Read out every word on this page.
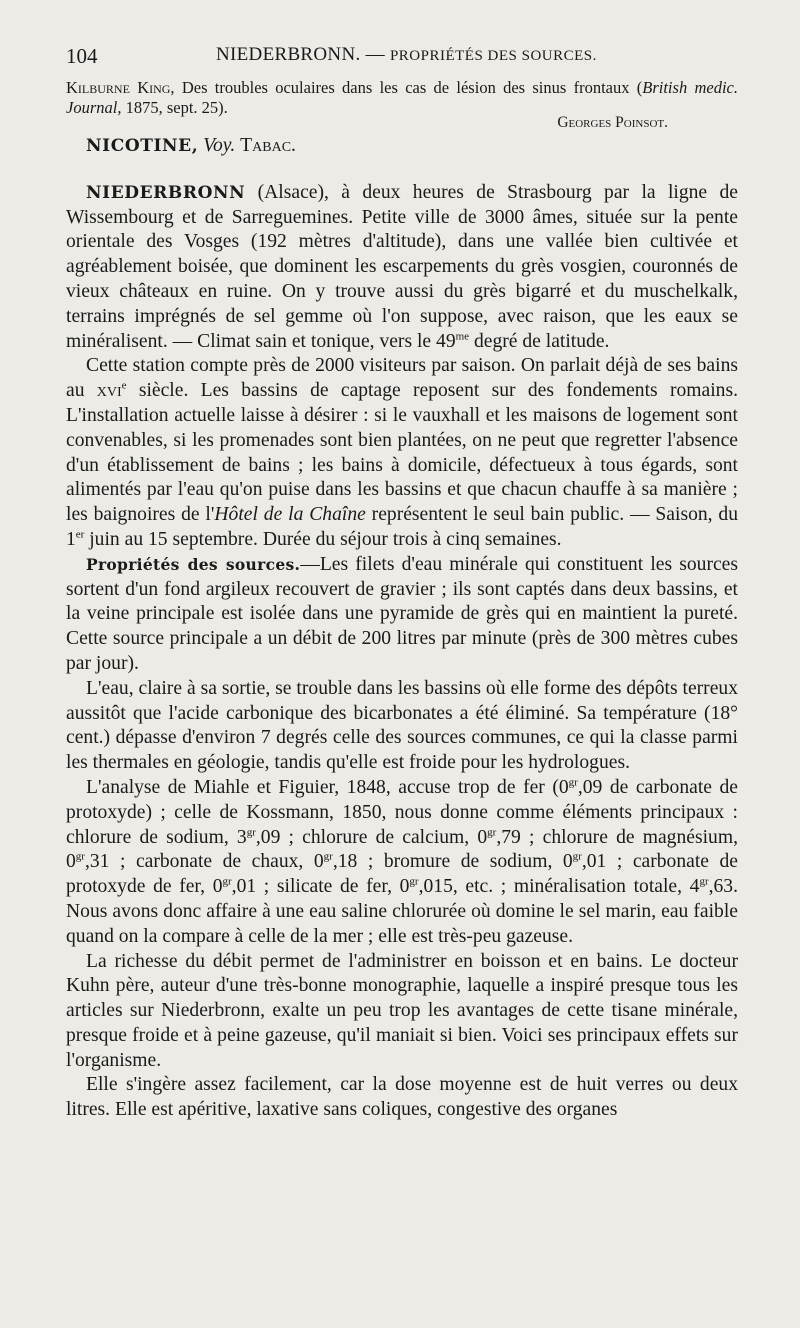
104	NIEDERBRONN. — PROPRIÉTÉS DES SOURCES.
Kilburne King, Des troubles oculaires dans les cas de lésion des sinus frontaux (British medic. Journal, 1875, sept. 25).
Georges Poinsot.

NICOTINE, Voy. Tabac.

NIEDERBRONN (Alsace), à deux heures de Strasbourg par la ligne de Wissembourg et de Sarreguemines. Petite ville de 3000 âmes, située sur la pente orientale des Vosges (192 mètres d'altitude), dans une vallée bien cultivée et agréablement boisée, que dominent les escarpements du grès vosgien, couronnés de vieux châteaux en ruine. On y trouve aussi du grès bigarré et du muschelkalk, terrains imprégnés de sel gemme où l'on suppose, avec raison, que les eaux se minéralisent. — Climat sain et tonique, vers le $49^{me}$ degré de latitude.

Cette station compte près de 2000 visiteurs par saison. On parlait déjà de ses bains au xvi$^e$ siècle. Les bassins de captage reposent sur des fondements romains. L'installation actuelle laisse à désirer : si le vauxhall et les maisons de logement sont convenables, si les promenades sont bien plantées, on ne peut que regretter l'absence d'un établissement de bains ; les bains à domicile, défectueux à tous égards, sont alimentés par l'eau qu'on puise dans les bassins et que chacun chauffe à sa manière ; les baignoires de l'Hôtel de la Chaîne représentent le seul bain public. — Saison, du 1er juin au 15 septembre. Durée du séjour trois à cinq semaines.

Propriétés des sources.—Les filets d'eau minérale qui constituent les sources sortent d'un fond argileux recouvert de gravier ; ils sont captés dans deux bassins, et la veine principale est isolée dans une pyramide de grès qui en maintient la pureté. Cette source principale a un débit de 200 litres par minute (près de 300 mètres cubes par jour).

L'eau, claire à sa sortie, se trouble dans les bassins où elle forme des dépôts terreux aussitôt que l'acide carbonique des bicarbonates a été éliminé. Sa température (18° cent.) dépasse d'environ 7 degrés celle des sources communes, ce qui la classe parmi les thermales en géologie, tandis qu'elle est froide pour les hydrologues.

L'analyse de Miahle et Figuier, 1848, accuse trop de fer ($0^{gr},09$ de carbonate de protoxyde) ; celle de Kossmann, 1850, nous donne comme éléments principaux : chlorure de sodium, $3^{gr},09$ ; chlorure de calcium, $0^{gr},79$ ; chlorure de magnésium, $0^{gr},31$ ; carbonate de chaux, $0^{gr},18$ ; bromure de sodium, $0^{gr},01$ ; carbonate de protoxyde de fer, $0^{gr},01$ ; silicate de fer, $0^{gr},015$, etc. ; minéralisation totale, $4^{gr},63$. Nous avons donc affaire à une eau saline chlorurée où domine le sel marin, eau faible quand on la compare à celle de la mer ; elle est très-peu gazeuse.

La richesse du débit permet de l'administrer en boisson et en bains. Le docteur Kuhn père, auteur d'une très-bonne monographie, laquelle a inspiré presque tous les articles sur Niederbronn, exalte un peu trop les avantages de cette tisane minérale, presque froide et à peine gazeuse, qu'il maniait si bien. Voici ses principaux effets sur l'organisme.

Elle s'ingère assez facilement, car la dose moyenne est de huit verres ou deux litres. Elle est apéritive, laxative sans coliques, congestive des organes
